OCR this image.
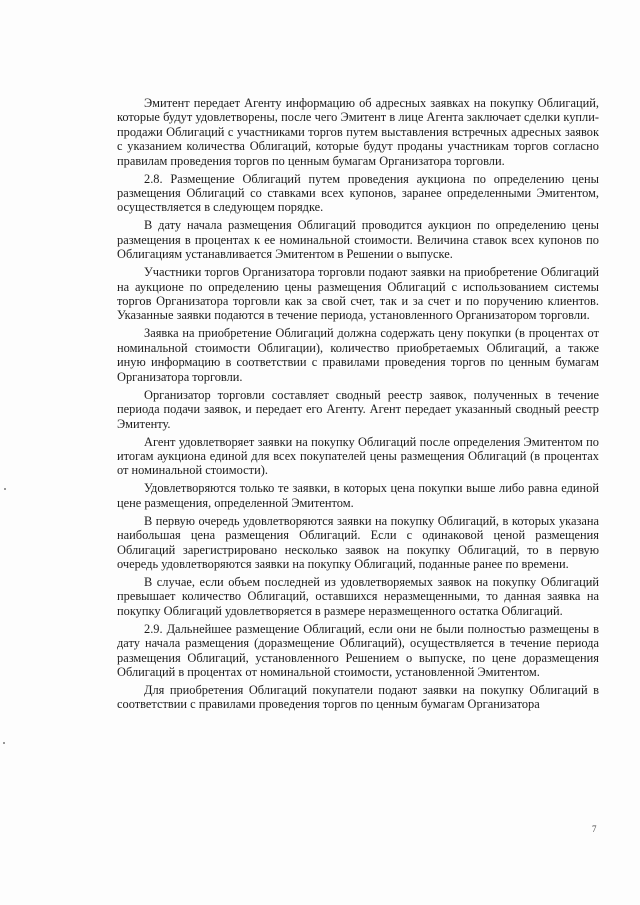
Эмитент передает Агенту информацию об адресных заявках на покупку Облигаций, которые будут удовлетворены, после чего Эмитент в лице Агента заключает сделки купли-продажи Облигаций с участниками торгов путем выставления встречных адресных заявок с указанием количества Облигаций, которые будут проданы участникам торгов согласно правилам проведения торгов по ценным бумагам Организатора торговли.

2.8. Размещение Облигаций путем проведения аукциона по определению цены размещения Облигаций со ставками всех купонов, заранее определенными Эмитентом, осуществляется в следующем порядке.

В дату начала размещения Облигаций проводится аукцион по определению цены размещения в процентах к ее номинальной стоимости. Величина ставок всех купонов по Облигациям устанавливается Эмитентом в Решении о выпуске.

Участники торгов Организатора торговли подают заявки на приобретение Облигаций на аукционе по определению цены размещения Облигаций с использованием системы торгов Организатора торговли как за свой счет, так и за счет и по поручению клиентов. Указанные заявки подаются в течение периода, установленного Организатором торговли.

Заявка на приобретение Облигаций должна содержать цену покупки (в процентах от номинальной стоимости Облигации), количество приобретаемых Облигаций, а также иную информацию в соответствии с правилами проведения торгов по ценным бумагам Организатора торговли.

Организатор торговли составляет сводный реестр заявок, полученных в течение периода подачи заявок, и передает его Агенту. Агент передает указанный сводный реестр Эмитенту.

Агент удовлетворяет заявки на покупку Облигаций после определения Эмитентом по итогам аукциона единой для всех покупателей цены размещения Облигаций (в процентах от номинальной стоимости).

Удовлетворяются только те заявки, в которых цена покупки выше либо равна единой цене размещения, определенной Эмитентом.

В первую очередь удовлетворяются заявки на покупку Облигаций, в которых указана наибольшая цена размещения Облигаций. Если с одинаковой ценой размещения Облигаций зарегистрировано несколько заявок на покупку Облигаций, то в первую очередь удовлетворяются заявки на покупку Облигаций, поданные ранее по времени.

В случае, если объем последней из удовлетворяемых заявок на покупку Облигаций превышает количество Облигаций, оставшихся неразмещенными, то данная заявка на покупку Облигаций удовлетворяется в размере неразмещенного остатка Облигаций.

2.9. Дальнейшее размещение Облигаций, если они не были полностью размещены в дату начала размещения (доразмещение Облигаций), осуществляется в течение периода размещения Облигаций, установленного Решением о выпуске, по цене доразмещения Облигаций в процентах от номинальной стоимости, установленной Эмитентом.

Для приобретения Облигаций покупатели подают заявки на покупку Облигаций в соответствии с правилами проведения торгов по ценным бумагам Организатора

7
